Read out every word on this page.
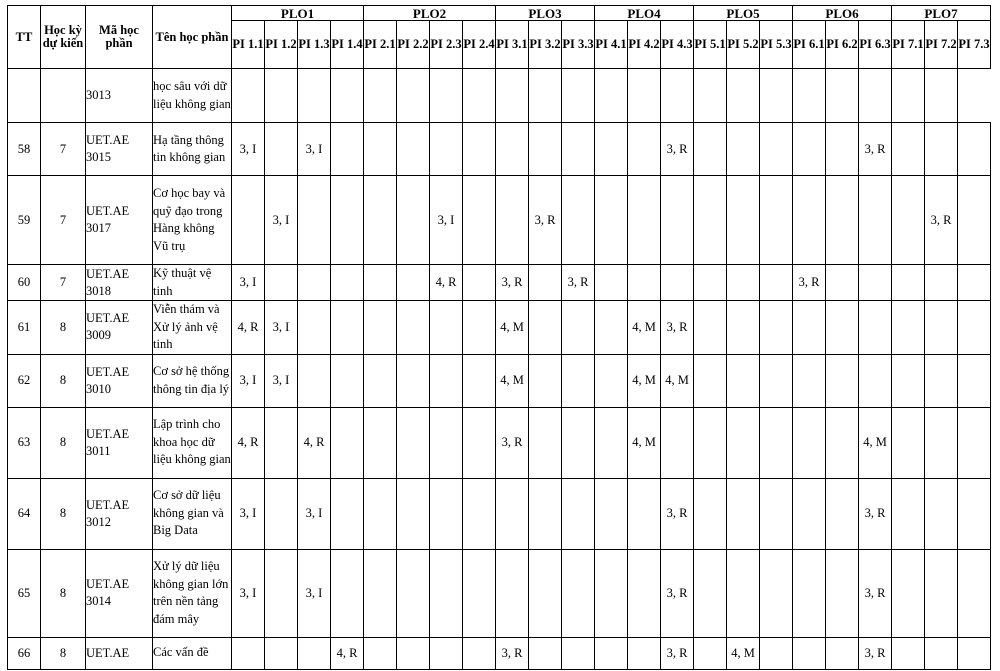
TT	Học kỳ dự kiến	Mã học phần	Tên học phần	PLO1				PLO2				PLO3			PLO4			PLO5			PLO6			PLO7		
				PI 1.1	PI 1.2	PI 1.3	PI 1.4	PI 2.1	PI 2.2	PI 2.3	PI 2.4	PI 3.1	PI 3.2	PI 3.3	PI 4.1	PI 4.2	PI 4.3	PI 5.1	PI 5.2	PI 5.3	PI 6.1	PI 6.2	PI 6.3	PI 7.1	PI 7.2	PI 7.3
		3013	học sâu với dữ liệu không gian																							
58	7	UET.AE 3015	Hạ tầng thông tin không gian	3, I		3, I											3, R						3, R			
59	7	UET.AE 3017	Cơ học bay và quỹ đạo trong Hàng không Vũ trụ		3, I					3, I			3, R												3, R	
60	7	UET.AE 3018	Kỹ thuật vệ tinh	3, I						4, R		3, R		3, R							3, R					
61	8	UET.AE 3009	Viễn thám và Xử lý ảnh vệ tinh	4, R	3, I							4, M				4, M	3, R									
62	8	UET.AE 3010	Cơ sở hệ thống thông tin địa lý	3, I	3, I							4, M				4, M	4, M									
63	8	UET.AE 3011	Lập trình cho khoa học dữ liệu không gian	4, R		4, R						3, R				4, M							4, M			
64	8	UET.AE 3012	Cơ sở dữ liệu không gian và Big Data	3, I		3, I											3, R						3, R			
65	8	UET.AE 3014	Xử lý dữ liệu không gian lớn trên nền tảng đám mây	3, I		3, I											3, R						3, R			
66	8	UET.AE	Các vấn đề				4, R					3, R					3, R		4, M				3, R			
